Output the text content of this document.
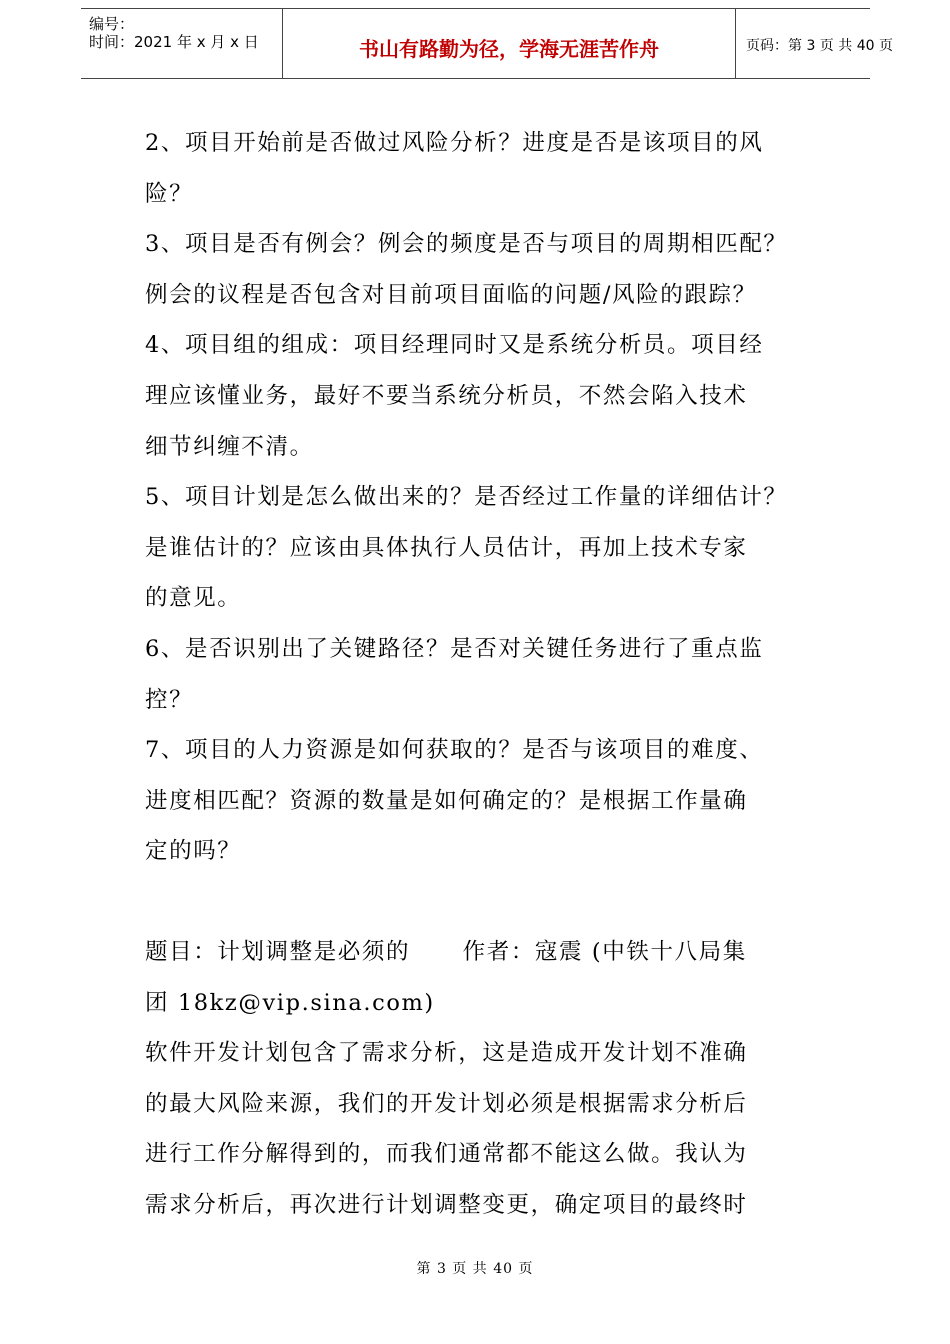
编号：
时间：2021 年 x 月 x 日	书山有路勤为径，学海无涯苦作舟	页码：第 3 页 共 40 页

2、项目开始前是否做过风险分析？进度是否是该项目的风

险？

3、项目是否有例会？例会的频度是否与项目的周期相匹配？

例会的议程是否包含对目前项目面临的问题/风险的跟踪？

4、项目组的组成：项目经理同时又是系统分析员。项目经

理应该懂业务，最好不要当系统分析员，不然会陷入技术

细节纠缠不清。

5、项目计划是怎么做出来的？是否经过工作量的详细估计？

是谁估计的？应该由具体执行人员估计，再加上技术专家

的意见。

6、是否识别出了关键路径？是否对关键任务进行了重点监

控？

7、项目的人力资源是如何获取的？是否与该项目的难度、

进度相匹配？资源的数量是如何确定的？是根据工作量确

定的吗？

题目：计划调整是必须的      作者：寇震 (中铁十八局集

团 18kz@vip.sina.com)

软件开发计划包含了需求分析，这是造成开发计划不准确

的最大风险来源，我们的开发计划必须是根据需求分析后

进行工作分解得到的，而我们通常都不能这么做。我认为

需求分析后，再次进行计划调整变更，确定项目的最终时

第 3 页 共 40 页
